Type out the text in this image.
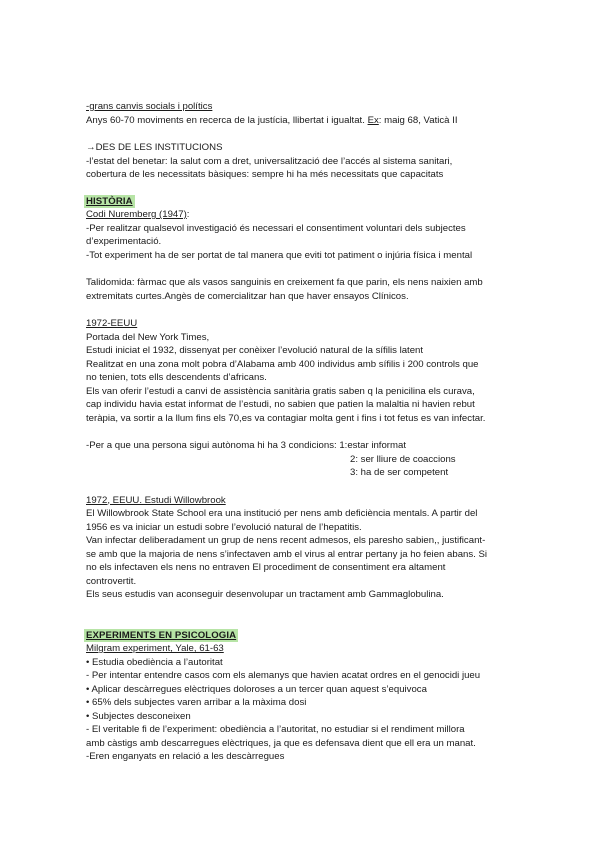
-grans canvis socials i polítics

Anys 60-70 moviments en recerca de la justícia, llibertat i igualtat. Ex: maig 68, Vaticà II

→DES DE LES INSTITUCIONS

-l’estat del benetar: la salut com a dret, universalització dee l’accés al sistema sanitari,

cobertura de les necessitats bàsiques: sempre hi ha més necessitats que capacitats

HISTÒRIA

Codi Nuremberg (1947):

-Per realitzar qualsevol investigació és necessari el consentiment voluntari dels subjectes

d’experimentació.

-Tot experiment ha de ser portat de tal manera que eviti tot patiment o injúria física i mental

Talidomida: fàrmac que als vasos sanguinis en creixement fa que parin, els nens naixien amb

extremitats curtes.Angès de comercialitzar han que haver ensayos Clínicos.

1972-EEUU

Portada del New York Times,

Estudi iniciat el 1932, dissenyat per conèixer l’evolució natural de la sífilis latent

Realitzat en una zona molt pobra d’Alabama amb 400 individus amb sífilis i 200 controls que

no tenien, tots ells descendents d’africans.

Els van oferir l’estudi a canvi de assistència sanitària gratis saben q la penicilina els curava,

cap individu havia estat informat de l’estudi, no sabien que patien la malaltia ni havien rebut

teràpia, va sortir a la llum fins els 70,es va contagiar molta gent i fins i tot fetus es van infectar.

-Per a que una persona sigui autònoma hi ha 3 condicions: 1:estar informat

2: ser lliure de coaccions

3: ha de ser competent

1972, EEUU. Estudi Willowbrook

El Willowbrook State School era una institució per nens amb deficiència mentals. A partir del

1956 es va iniciar un estudi sobre l’evolució natural de l’hepatitis.

Van infectar deliberadament un grup de nens recent admesos, els paresho sabien,, justificant-

se amb que la majoria de nens s’infectaven amb el virus al entrar pertany ja ho feien abans. Si

no els infectaven els nens no entraven El procediment de consentiment era altament

controvertit.

Els seus estudis van aconseguir desenvolupar un tractament amb Gammaglobulina.

EXPERIMENTS EN PSICOLOGIA

Milgram experiment, Yale, 61-63

• Estudia obediència a l’autoritat

- Per intentar entendre casos com els alemanys que havien acatat ordres en el genocidi jueu

• Aplicar descàrregues elèctriques doloroses a un tercer quan aquest s’equivoca

• 65% dels subjectes varen arribar a la màxima dosi

• Subjectes desconeixen

- El veritable fi de l’experiment: obediència a l’autoritat, no estudiar si el rendiment millora

amb càstigs amb descarregues elèctriques, ja que es defensava dient que ell era un manat.

-Eren enganyats en relació a les descàrregues
